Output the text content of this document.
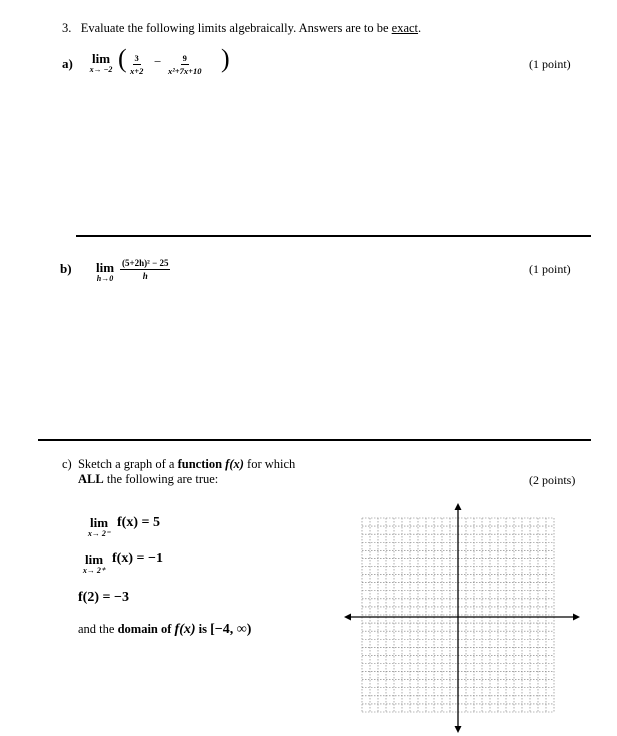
3. Evaluate the following limits algebraically. Answers are to be exact.
a)	lim
x→ −2 ( $\frac{3}{x+2} - \frac{9}{\text{x²+7x+10}}$ )	(1 point)
b)	lim
$h\to 0 \frac{\text{(5+2h)² − 25}}{h}$	(1 point)
c) Sketch a graph of a function f(x) for which
ALL the following are true:	(2 points)
lim
x→ 2⁻
f(x) = 5
lim
x→ 2⁺
f(x) = −1
f(2) = −3
and the domain of f(x) is [−4, ∞)
